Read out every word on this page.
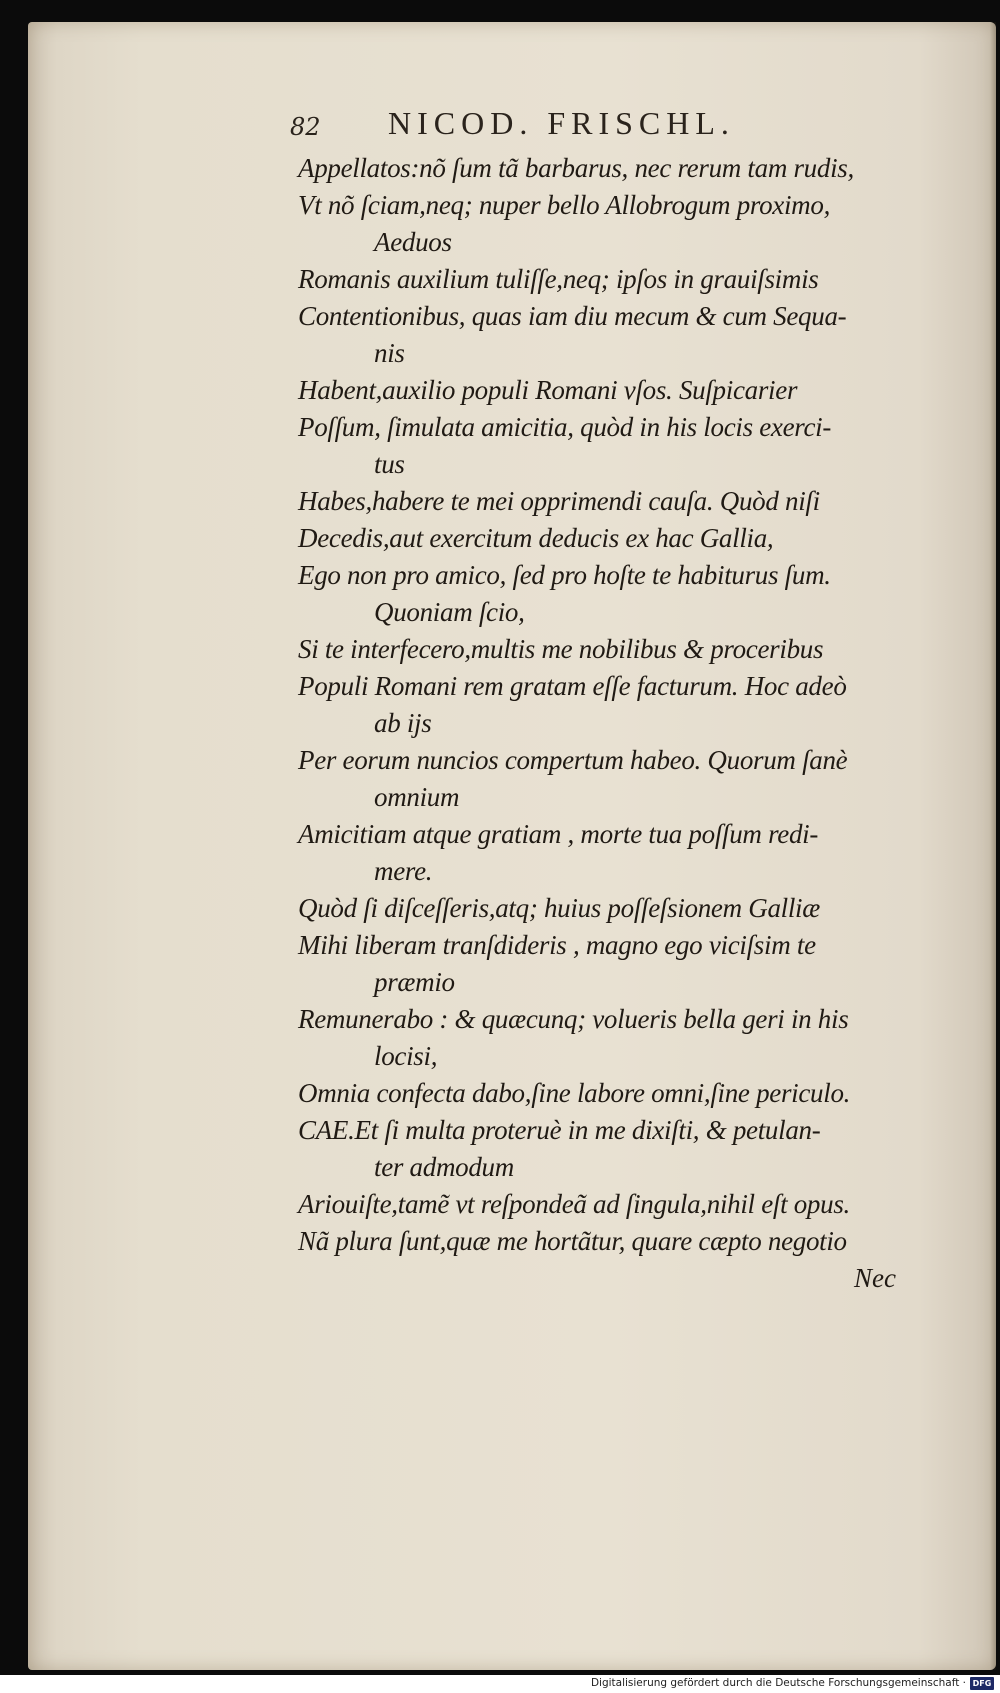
82 NICOD. FRISCHL.
Appellatos:nõ ſum tã barbarus, nec rerum tam rudis,
Vt nõ ſciam,neq; nuper bello Allobrogum proximo,
Aeduos
Romanis auxilium tuliſſe,neq; ipſos in grauiſsimis
Contentionibus, quas iam diu mecum & cum Sequa-
nis
Habent,auxilio populi Romani vſos. Suſpicarier
Poſſum, ſimulata amicitia, quòd in his locis exerci-
tus
Habes,habere te mei opprimendi cauſa. Quòd niſi
Decedis,aut exercitum deducis ex hac Gallia,
Ego non pro amico, ſed pro hoſte te habiturus ſum.
Quoniam ſcio,
Si te interfecero,multis me nobilibus & proceribus
Populi Romani rem gratam eſſe facturum. Hoc adeò
ab ijs
Per eorum nuncios compertum habeo. Quorum ſanè
omnium
Amicitiam atque gratiam , morte tua poſſum redi-
mere.
Quòd ſi diſceſſeris,atq; huius poſſeſsionem Galliæ
Mihi liberam tranſdideris , magno ego viciſsim te
præmio
Remunerabo : & quæcunq; volueris bella geri in his
locisi,
Omnia confecta dabo,ſine labore omni,ſine periculo.
CAE.Et ſi multa proteruè in me dixiſti, & petulan-
ter admodum
Ariouiſte,tamẽ vt reſpondeã ad ſingula,nihil eſt opus.
Nã plura ſunt,quæ me hortãtur, quare cæpto negotio
Nec
Digitalisierung gefördert durch die Deutsche Forschungsgemeinschaft · DFG
